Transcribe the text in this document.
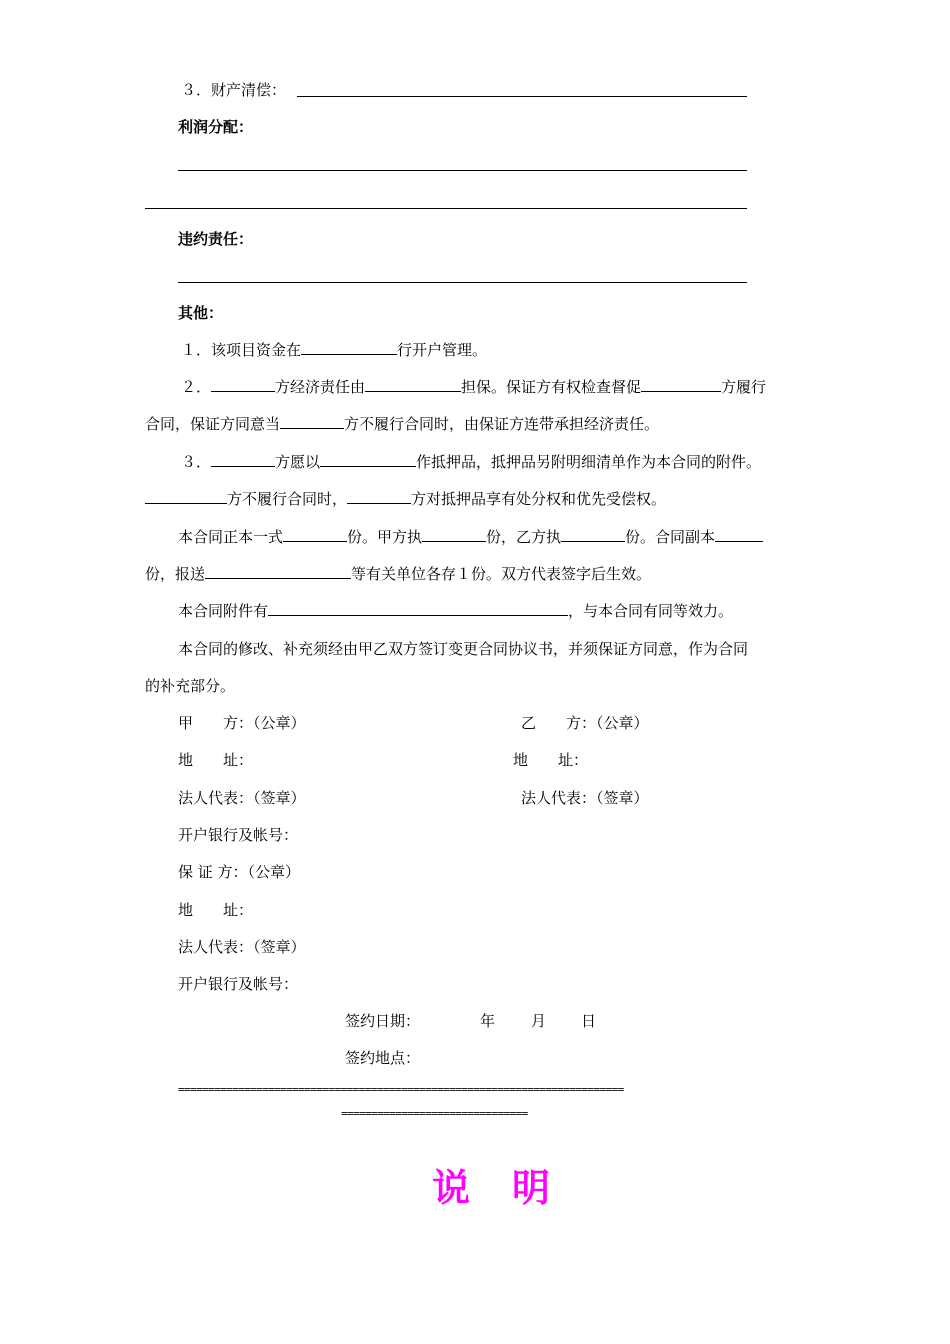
３．财产清偿：
利润分配：
违约责任：
其他：
１．该项目资金在	行开户管理。
２．	方经济责任由	担保。保证方有权检查督促	方履行
合同，保证方同意当	方不履行合同时，由保证方连带承担经济责任。
３．	方愿以	作抵押品，抵押品另附明细清单作为本合同的附件。
方不履行合同时，	方对抵押品享有处分权和优先受偿权。
本合同正本一式	份。甲方执	份，乙方执	份。合同副本
份，报送	等有关单位各存１份。双方代表签字后生效。
本合同附件有	，与本合同有同等效力。
本合同的修改、补充须经由甲乙双方签订变更合同协议书，并须保证方同意，作为合同
的补充部分。
甲　　方：（公章）	乙　　方：（公章）
地　　址：	地　　址：
法人代表：（签章）	法人代表：（签章）
开户银行及帐号：
保 证 方：（公章）
地　　址：
法人代表：（签章）
开户银行及帐号：
签约日期：	年 月 日
签约地点：
==========================================================================
===============================
说　明
